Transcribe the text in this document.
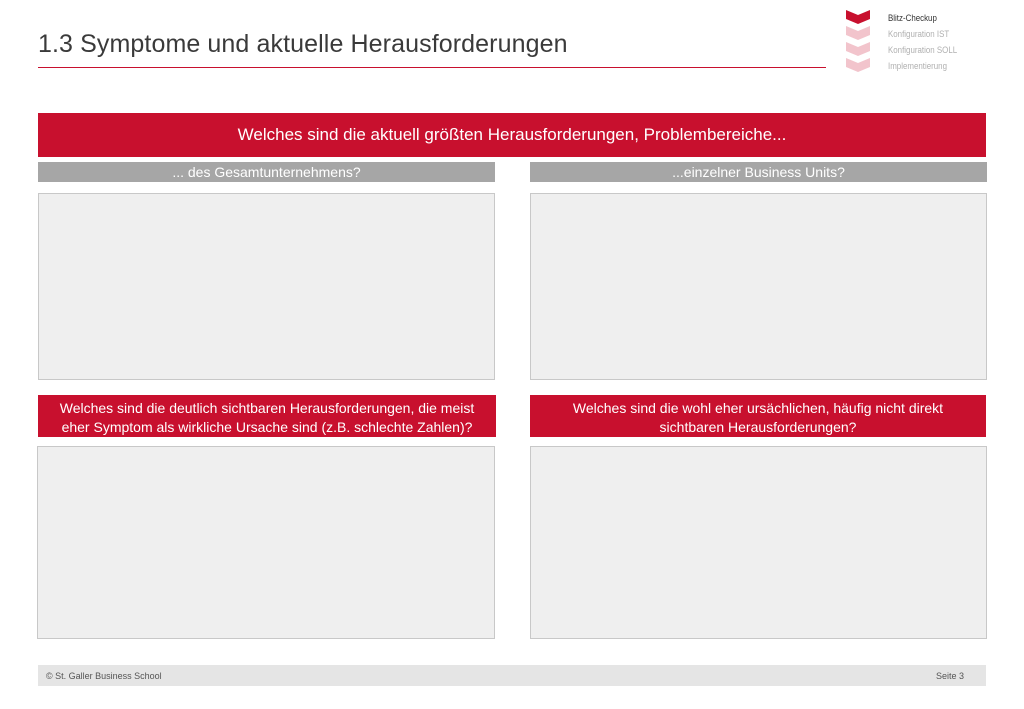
1.3 Symptome und aktuelle Herausforderungen
Blitz-Checkup
Konfiguration IST
Konfiguration SOLL
Implementierung
Welches sind die aktuell größten Herausforderungen, Problembereiche...
... des Gesamtunternehmens?	...einzelner Business Units?
Welches sind die deutlich sichtbaren Herausforderungen, die meist eher Symptom als wirkliche Ursache sind (z.B. schlechte Zahlen)?
Welches sind die wohl eher ursächlichen, häufig nicht direkt sichtbaren Herausforderungen?
© St. Galler Business School	Seite 3
